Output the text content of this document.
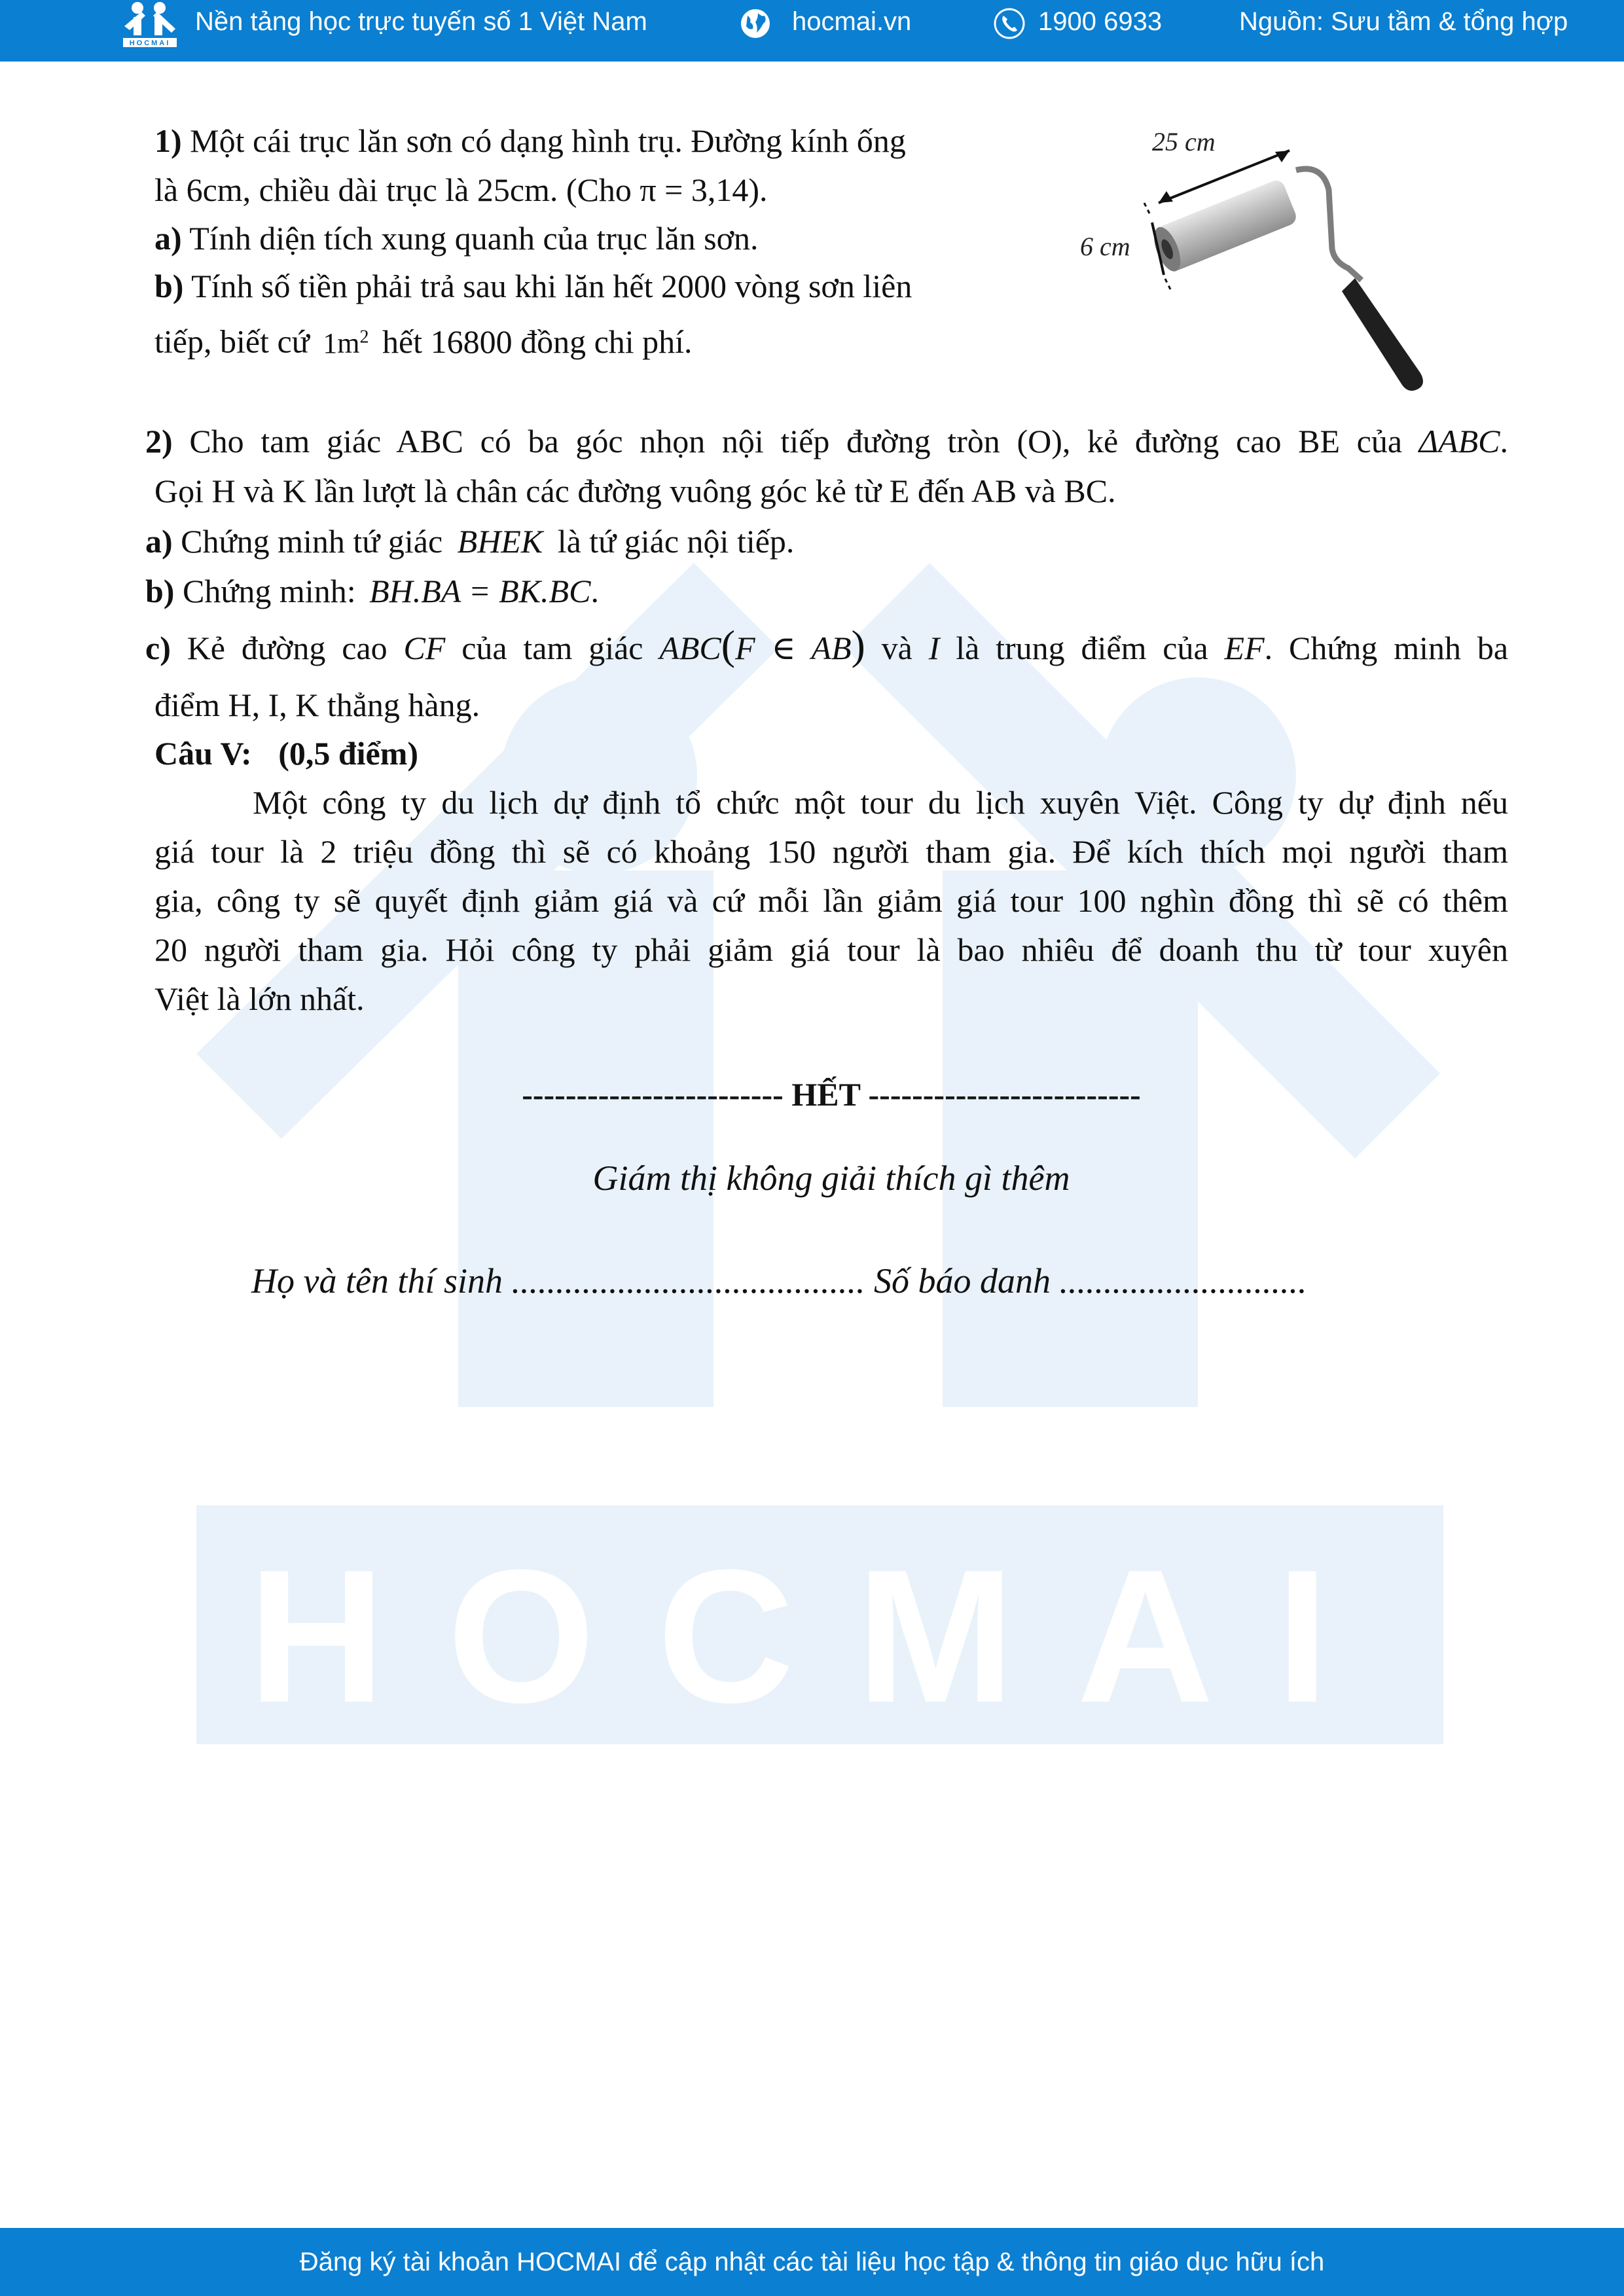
HOCMAI
HOCMAI
Nền tảng học trực tuyến số 1 Việt Nam	hocmai.vn	1900 6933	Nguồn: Sưu tầm & tổng hợp
1) Một cái trục lăn sơn có dạng hình trụ. Đường kính ống
là 6cm, chiều dài trục là 25cm. (Cho π = 3,14).
a) Tính diện tích xung quanh của trục lăn sơn.
b) Tính số tiền phải trả sau khi lăn hết 2000 vòng sơn liên
tiếp, biết cứ $1m^2$ hết 16800 đồng chi phí.
25 cm
6 cm
2) Cho tam giác ABC có ba góc nhọn nội tiếp đường tròn (O), kẻ đường cao BE của ΔABC.
Gọi H và K lần lượt là chân các đường vuông góc kẻ từ E đến AB và BC.
a) Chứng minh tứ giác BHEK là tứ giác nội tiếp.
b) Chứng minh: BH.BA = BK.BC.
c) Kẻ đường cao CF của tam giác ABC(F ∈ AB) và I là trung điểm của EF. Chứng minh ba
điểm H, I, K thẳng hàng.
Câu V: (0,5 điểm)
Một công ty du lịch dự định tổ chức một tour du lịch xuyên Việt. Công ty dự định nếu
giá tour là 2 triệu đồng thì sẽ có khoảng 150 người tham gia. Để kích thích mọi người tham
gia, công ty sẽ quyết định giảm giá và cứ mỗi lần giảm giá tour 100 nghìn đồng thì sẽ có thêm
20 người tham gia. Hỏi công ty phải giảm giá tour là bao nhiêu để doanh thu từ tour xuyên
Việt là lớn nhất.
------------------------ HẾT -------------------------
Giám thị không giải thích gì thêm
Họ và tên thí sinh ........................................ Số báo danh ............................
Đăng ký tài khoản HOCMAI để cập nhật các tài liệu học tập & thông tin giáo dục hữu ích
